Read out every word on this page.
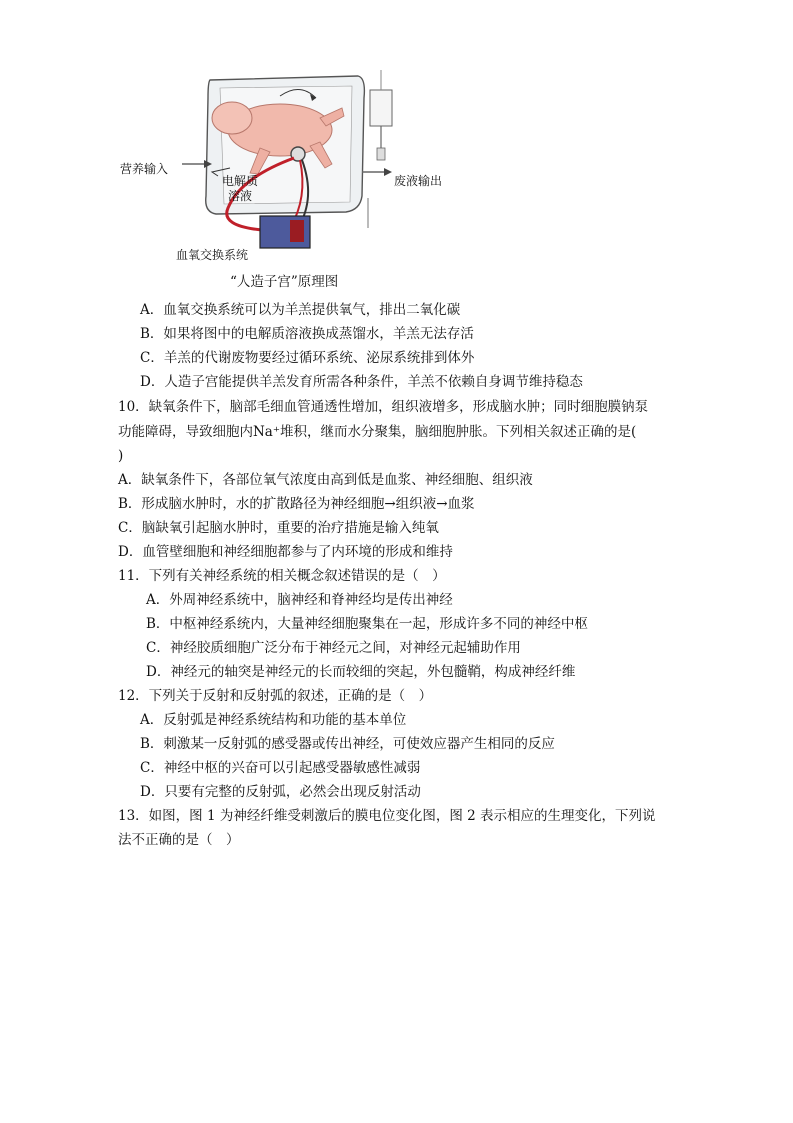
营养输入
电解质
溶液
废液输出
血氧交换系统
“人造子宫”原理图
A．血氧交换系统可以为羊羔提供氧气，排出二氧化碳
B．如果将图中的电解质溶液换成蒸馏水，羊羔无法存活
C．羊羔的代谢废物要经过循环系统、泌尿系统排到体外
D．人造子宫能提供羊羔发育所需各种条件，羊羔不依赖自身调节维持稳态
10．缺氧条件下，脑部毛细血管通透性增加，组织液增多，形成脑水肿；同时细胞膜钠泵
功能障碍，导致细胞内Na⁺堆积，继而水分聚集，脑细胞肿胀。下列相关叙述正确的是(
)
A．缺氧条件下，各部位氧气浓度由高到低是血浆、神经细胞、组织液
B．形成脑水肿时，水的扩散路径为神经细胞→组织液→血浆
C．脑缺氧引起脑水肿时，重要的治疗措施是输入纯氧
D．血管壁细胞和神经细胞都参与了内环境的形成和维持
11．下列有关神经系统的相关概念叙述错误的是（　）
A．外周神经系统中，脑神经和脊神经均是传出神经
B．中枢神经系统内，大量神经细胞聚集在一起，形成许多不同的神经中枢
C．神经胶质细胞广泛分布于神经元之间，对神经元起辅助作用
D．神经元的轴突是神经元的长而较细的突起，外包髓鞘，构成神经纤维
12．下列关于反射和反射弧的叙述，正确的是（　）
A．反射弧是神经系统结构和功能的基本单位
B．刺激某一反射弧的感受器或传出神经，可使效应器产生相同的反应
C．神经中枢的兴奋可以引起感受器敏感性减弱
D．只要有完整的反射弧，必然会出现反射活动
13．如图，图 1 为神经纤维受刺激后的膜电位变化图，图 2 表示相应的生理变化，下列说
法不正确的是（　）
